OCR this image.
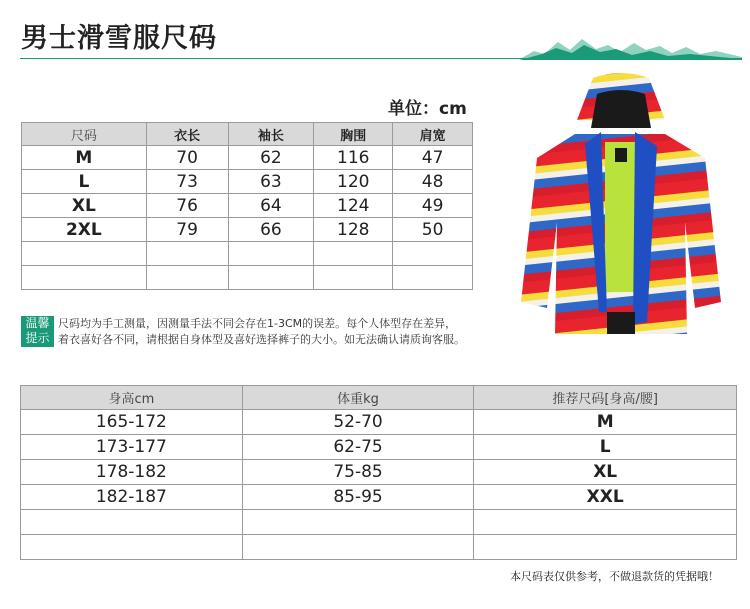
男士滑雪服尺码
单位：cm
尺码	衣长	袖长	胸围	肩宽
M	70	62	116	47
L	73	63	120	48
XL	76	64	124	49
2XL	79	66	128	50

温馨
提示
尺码均为手工测量，因测量手法不同会存在1-3CM的误差。每个人体型存在差异，
着衣喜好各不同，请根据自身体型及喜好选择裤子的大小。如无法确认请质询客服。
身高cm	体重kg	推荐尺码[身高/腰]
165-172	52-70	M
173-177	62-75	L
178-182	75-85	XL
182-187	85-95	XXL

本尺码表仅供参考，不做退款货的凭据哦！
